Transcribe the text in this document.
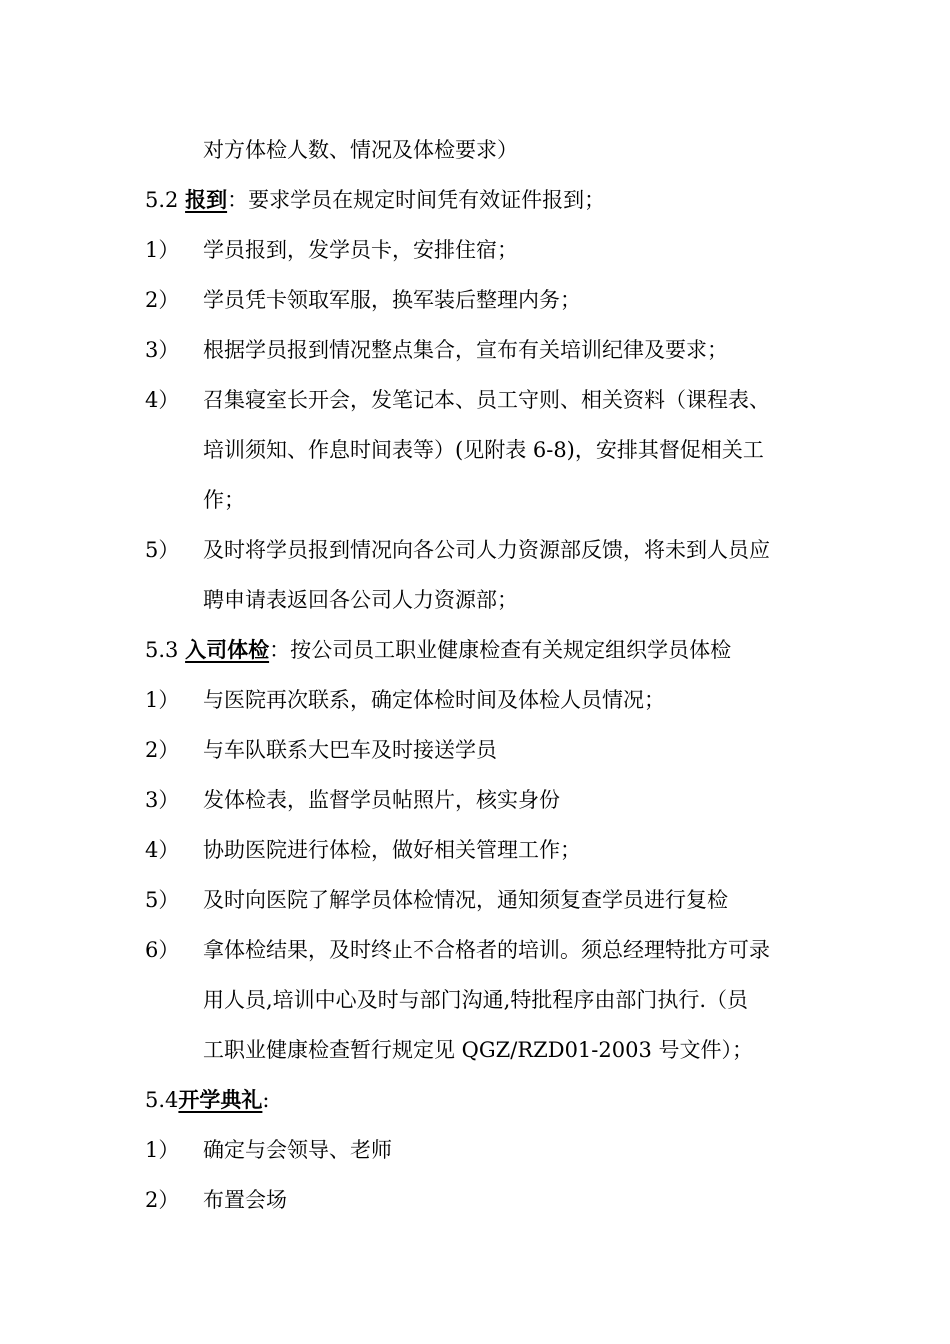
对方体检人数、情况及体检要求）
5.2 报到：要求学员在规定时间凭有效证件报到；
1） 学员报到，发学员卡，安排住宿；
2） 学员凭卡领取军服，换军装后整理内务；
3） 根据学员报到情况整点集合，宣布有关培训纪律及要求；
4） 召集寝室长开会，发笔记本、员工守则、相关资料（课程表、
培训须知、作息时间表等）(见附表 6-8)，安排其督促相关工
作；
5） 及时将学员报到情况向各公司人力资源部反馈，将未到人员应
聘申请表返回各公司人力资源部；
5.3 入司体检：按公司员工职业健康检查有关规定组织学员体检
1） 与医院再次联系，确定体检时间及体检人员情况；
2） 与车队联系大巴车及时接送学员
3） 发体检表，监督学员帖照片，核实身份
4） 协助医院进行体检，做好相关管理工作；
5） 及时向医院了解学员体检情况，通知须复查学员进行复检
6） 拿体检结果，及时终止不合格者的培训。须总经理特批方可录
用人员,培训中心及时与部门沟通,特批程序由部门执行.（员
工职业健康检查暂行规定见 QGZ/RZD01-2003 号文件）；
5.4开学典礼:
1） 确定与会领导、老师
2） 布置会场
